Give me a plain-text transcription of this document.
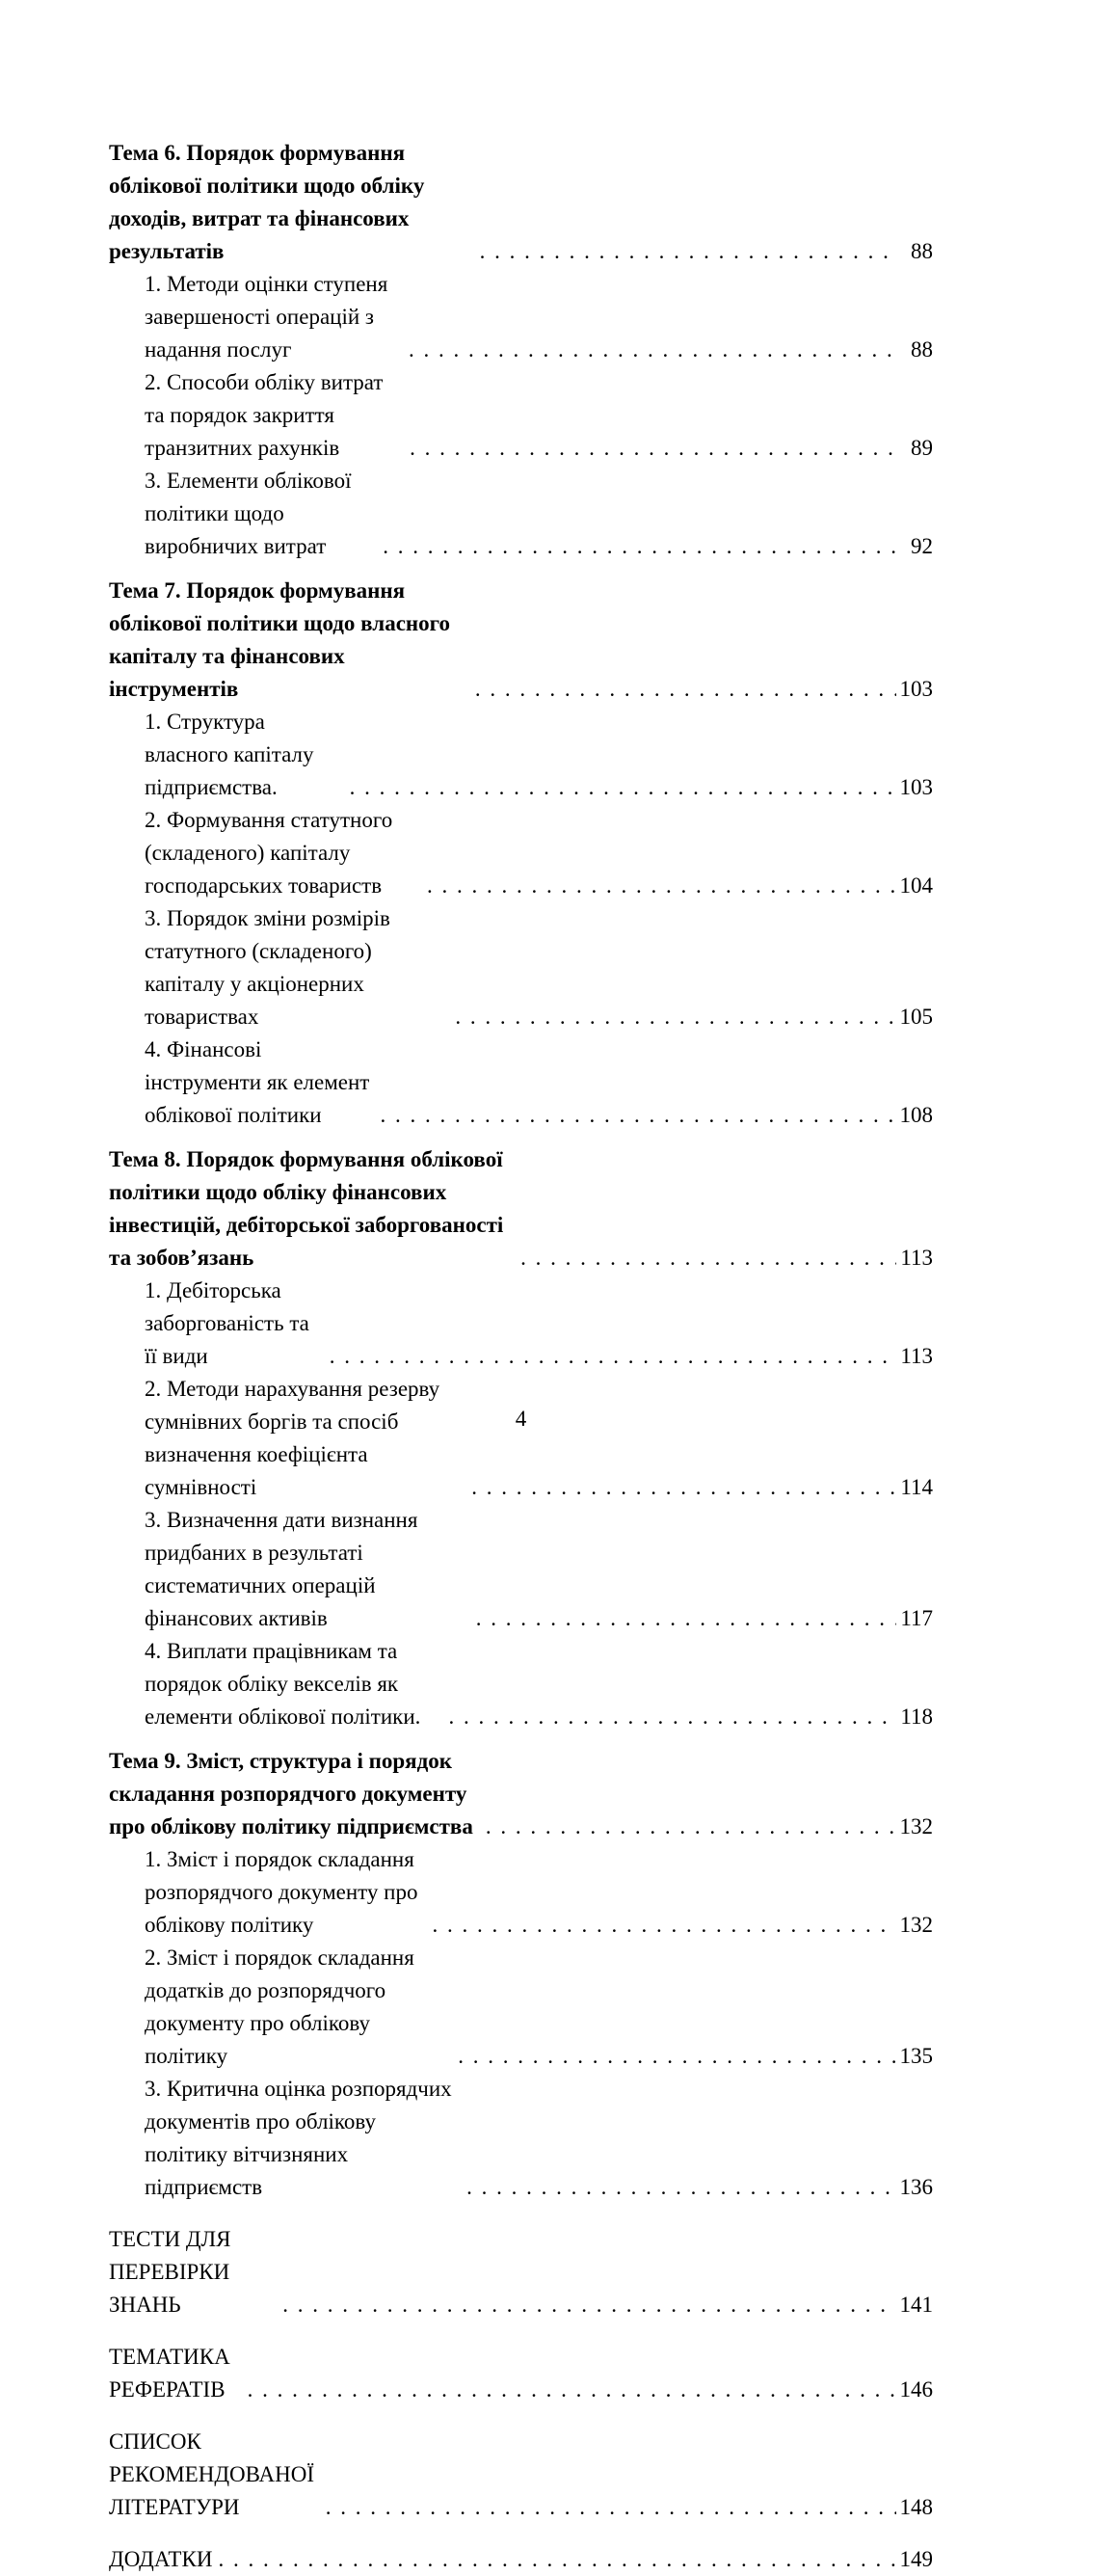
Тема 6. Порядок формування облікової політики щодо обліку доходів, витрат та фінансових результатів . . .	88
1. Методи оцінки ступеня завершеності операцій з надання послуг . . .	88
2. Способи обліку витрат та порядок закриття транзитних рахунків . . .	89
3. Елементи облікової політики щодо виробничих витрат . . .	92
Тема 7. Порядок формування облікової політики щодо власного капіталу та фінансових інструментів . . .	103
1. Структура власного капіталу підприємства. . . .	103
2. Формування статутного (складеного) капіталу господарських товариств . . .	104
3. Порядок зміни розмірів статутного (складеного) капіталу у акціонерних товариствах . . .	105
4. Фінансові інструменти як елемент облікової політики . . .	108
Тема 8. Порядок формування облікової політики щодо обліку фінансових інвестицій, дебіторської заборгованості та зобов’язань . . .	113
1. Дебіторська заборгованість та її види . . .	113
2. Методи нарахування резерву сумнівних боргів та спосіб визначення коефіцієнта сумнівності . . .	114
3. Визначення дати визнання придбаних в результаті систематичних операцій фінансових активів . . .	117
4. Виплати працівникам та порядок обліку векселів як елементи облікової політики. . . .	118
Тема 9. Зміст, структура і порядок складання розпорядчого документу про облікову політику підприємства . . .	132
1. Зміст і порядок складання розпорядчого документу про облікову політику . . .	132
2. Зміст і порядок складання додатків до розпорядчого документу про облікову політику . . .	135
3. Критична оцінка розпорядчих документів про облікову політику вітчизняних підприємств . . .	136
ТЕСТИ ДЛЯ ПЕРЕВІРКИ ЗНАНЬ . . .	141
ТЕМАТИКА РЕФЕРАТІВ . . .	146
СПИСОК РЕКОМЕНДОВАНОЇ ЛІТЕРАТУРИ . . .	148
ДОДАТКИ . . .	149
4
